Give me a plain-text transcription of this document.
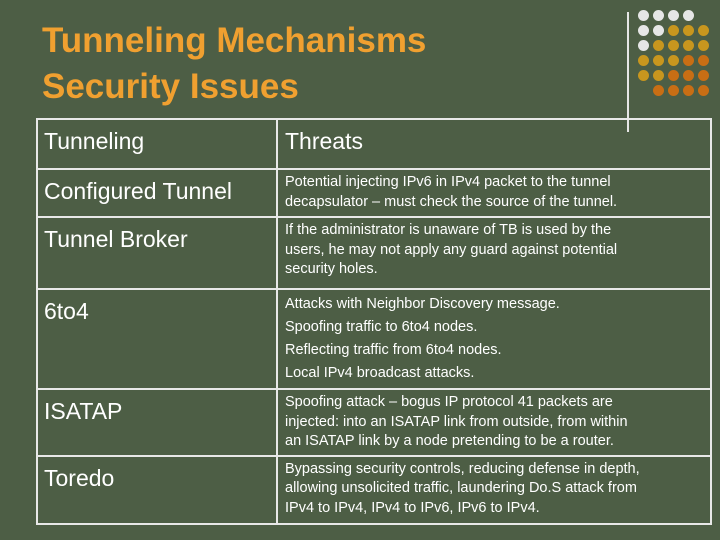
Tunneling Mechanisms
Security Issues
Tunneling	Threats
Configured Tunnel	Potential injecting IPv6 in IPv4 packet to the tunnel
decapsulator – must check the source of the tunnel.

Tunnel Broker	If the administrator is unaware of TB is used by the
users, he may not apply any guard against potential
security holes.

6to4	Attacks with Neighbor Discovery message.
Spoofing traffic to 6to4 nodes.
Reflecting traffic from 6to4 nodes.
Local IPv4 broadcast attacks.

ISATAP	Spoofing attack – bogus IP protocol 41 packets are
injected: into an ISATAP link from outside, from within
an ISATAP link by a node pretending to be a router.

Toredo	Bypassing security controls, reducing defense in depth,
allowing unsolicited traffic, laundering Do.S attack from
IPv4 to IPv4, IPv4 to IPv6, IPv6 to IPv4.
